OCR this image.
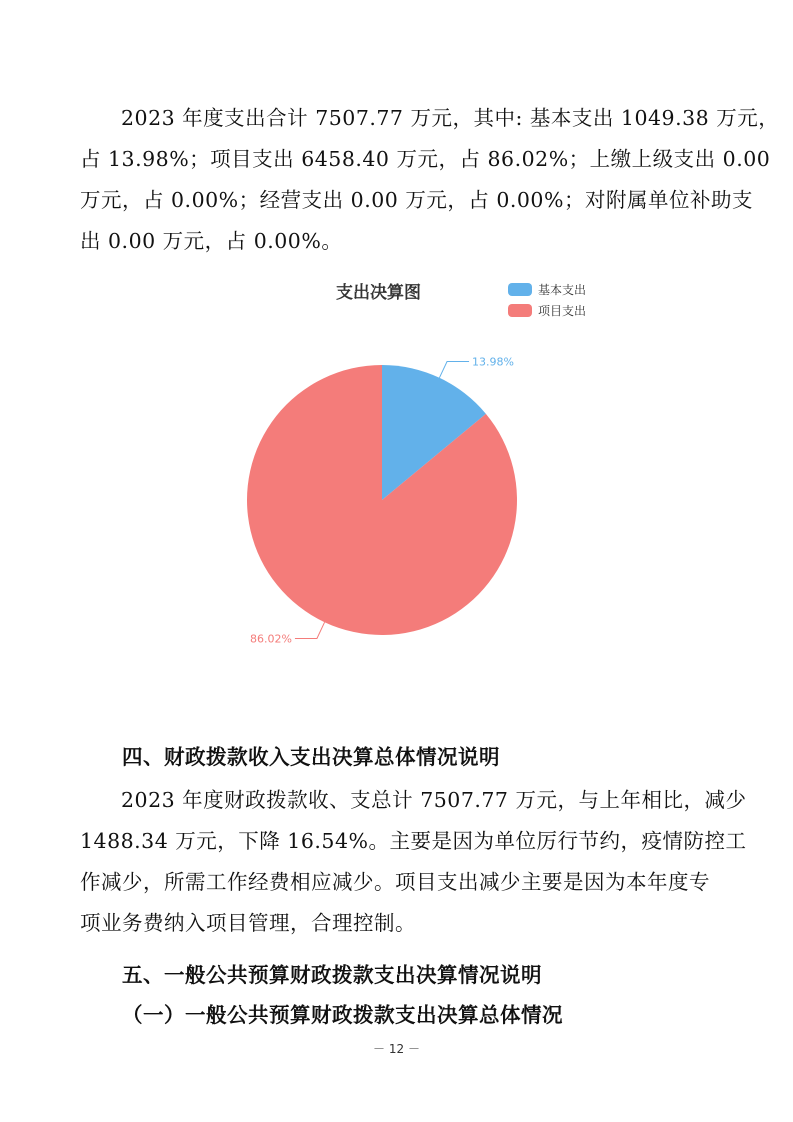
2023 年度支出合计 7507.77 万元，其中: 基本支出 1049.38 万元，
占 13.98%；项目支出 6458.40 万元，占 86.02%；上缴上级支出 0.00
万元，占 0.00%；经营支出 0.00 万元，占 0.00%；对附属单位补助支
出 0.00 万元，占 0.00%。
支出决算图	基本支出
项目支出
13.98%
86.02%
四、财政拨款收入支出决算总体情况说明
2023 年度财政拨款收、支总计 7507.77 万元，与上年相比，减少
1488.34 万元，下降 16.54%。主要是因为单位厉行节约，疫情防控工
作减少，所需工作经费相应减少。项目支出减少主要是因为本年度专
项业务费纳入项目管理，合理控制。
五、一般公共预算财政拨款支出决算情况说明
（一）一般公共预算财政拨款支出决算总体情况
－ 12 －
